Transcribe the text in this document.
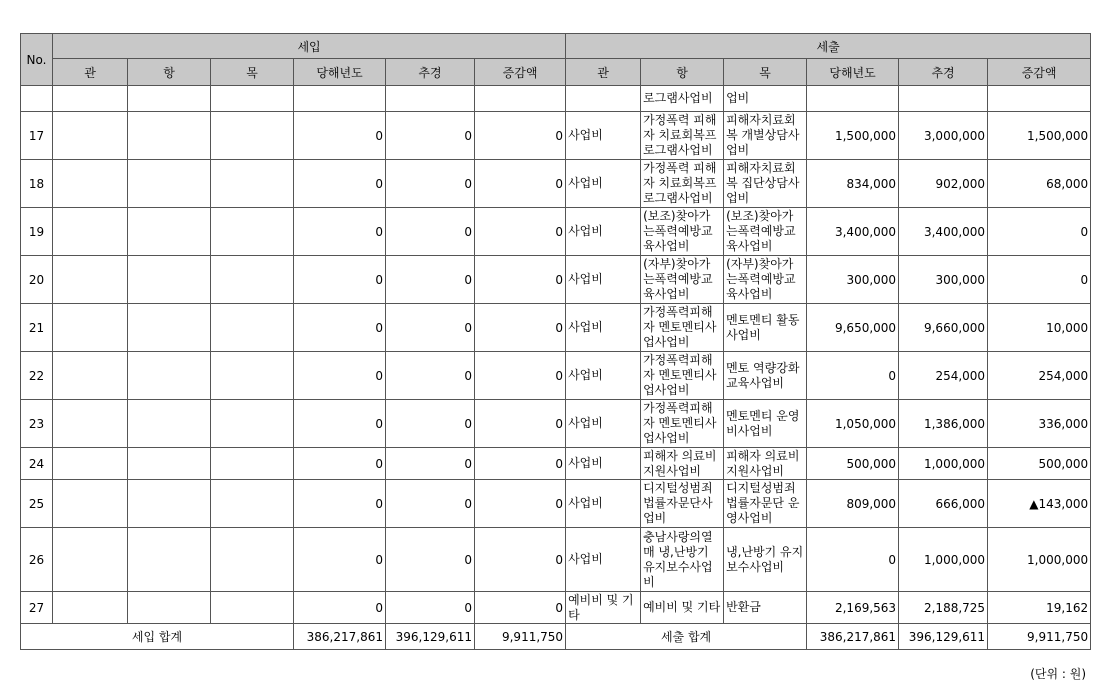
No.	세입						세출					
	관	항	목	당해년도	추경	증감액	관	항	목	당해년도	추경	증감액
								로그램사업비	업비			
17				0	0	0	사업비	가정폭력 피해자 치료회복프로그램사업비	피해자치료회복 개별상담사업비	1,500,000	3,000,000	1,500,000
18				0	0	0	사업비	가정폭력 피해자 치료회복프로그램사업비	피해자치료회복 집단상담사업비	834,000	902,000	68,000
19				0	0	0	사업비	(보조)찾아가는폭력예방교육사업비	(보조)찾아가는폭력예방교육사업비	3,400,000	3,400,000	0
20				0	0	0	사업비	(자부)찾아가는폭력예방교육사업비	(자부)찾아가는폭력예방교육사업비	300,000	300,000	0
21				0	0	0	사업비	가정폭력피해자 멘토멘티사업사업비	멘토멘티 활동사업비	9,650,000	9,660,000	10,000
22				0	0	0	사업비	가정폭력피해자 멘토멘티사업사업비	멘토 역량강화 교육사업비	0	254,000	254,000
23				0	0	0	사업비	가정폭력피해자 멘토멘티사업사업비	멘토멘티 운영비사업비	1,050,000	1,386,000	336,000
24				0	0	0	사업비	피해자 의료비 지원사업비	피해자 의료비 지원사업비	500,000	1,000,000	500,000
25				0	0	0	사업비	디지털성범죄 법률자문단사업비	디지털성범죄 법률자문단 운영사업비	809,000	666,000	▲143,000
26				0	0	0	사업비	충남사랑의열매 냉,난방기 유지보수사업비	냉,난방기 유지보수사업비	0	1,000,000	1,000,000
27				0	0	0	예비비 및 기타	예비비 및 기타	반환금	2,169,563	2,188,725	19,162
세입 합계				386,217,861	396,129,611	9,911,750	세출 합계			386,217,861	396,129,611	9,911,750
(단위 : 원)
